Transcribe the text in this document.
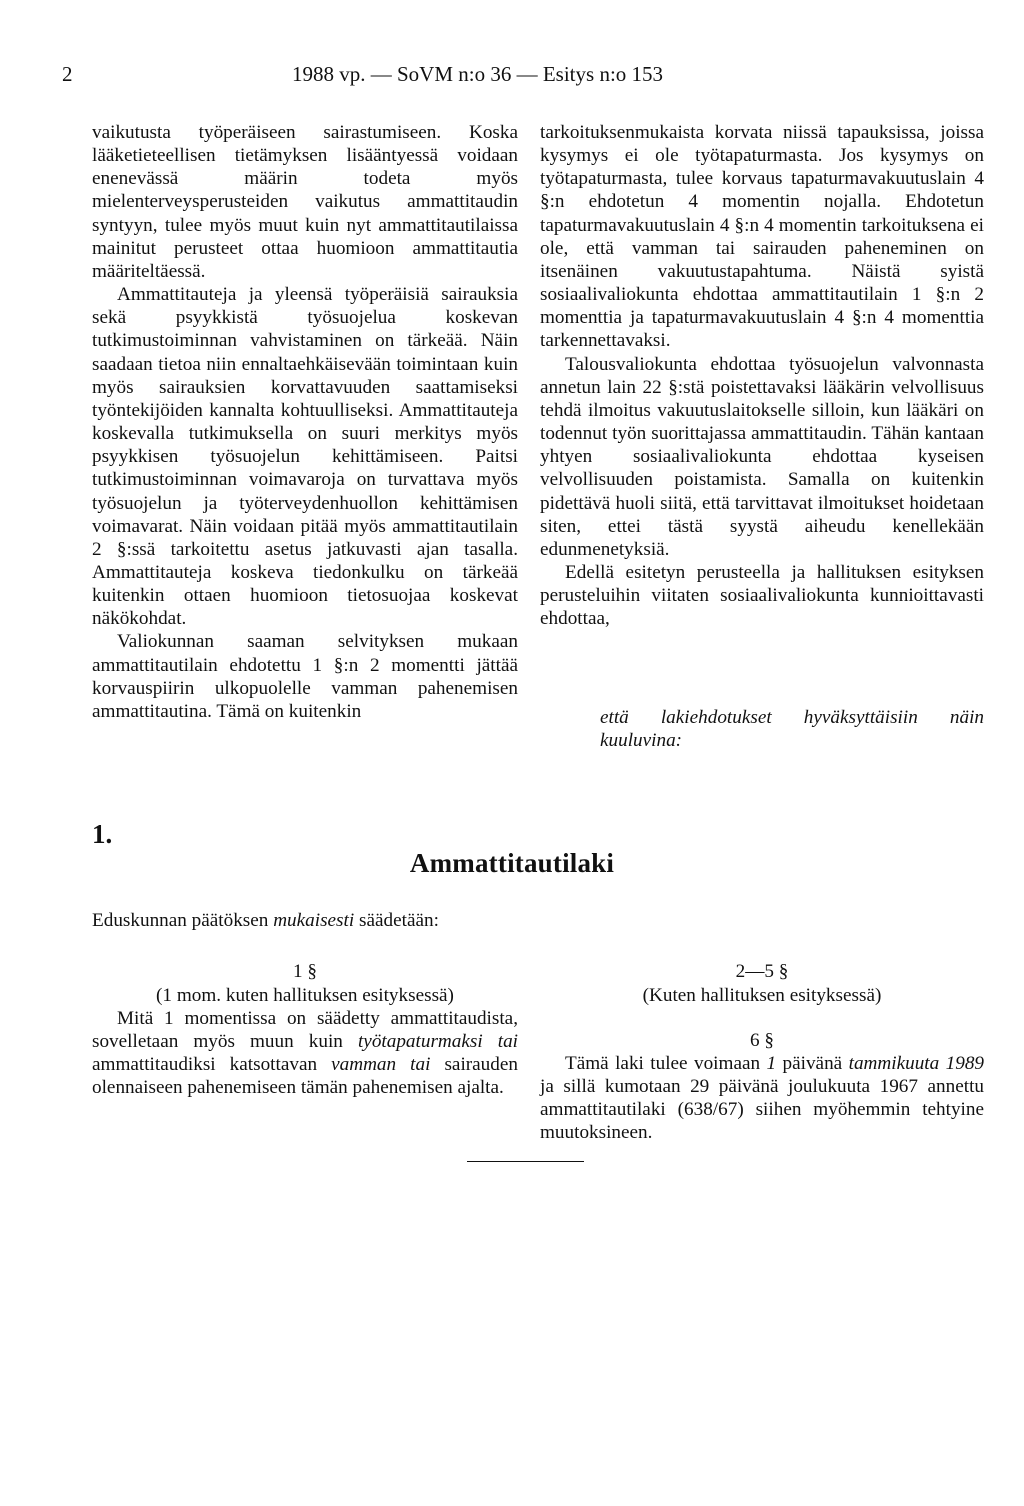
2	1988 vp. — SoVM n:o 36 — Esitys n:o 153

vaikutusta työperäiseen sairastumiseen. Koska lääketieteellisen tietämyksen lisääntyessä voidaan enenevässä määrin todeta myös mielenterveysperusteiden vaikutus ammattitaudin syntyyn, tulee myös muut kuin nyt ammattitautilaissa mainitut perusteet ottaa huomioon ammattitautia määriteltäessä.

Ammattitauteja ja yleensä työperäisiä sairauksia sekä psyykkistä työsuojelua koskevan tutkimustoiminnan vahvistaminen on tärkeää. Näin saadaan tietoa niin ennaltaehkäisevään toimintaan kuin myös sairauksien korvattavuuden saattamiseksi työntekijöiden kannalta kohtuulliseksi. Ammattitauteja koskevalla tutkimuksella on suuri merkitys myös psyykkisen työsuojelun kehittämiseen. Paitsi tutkimustoiminnan voimavaroja on turvattava myös työsuojelun ja työterveydenhuollon kehittämisen voimavarat. Näin voidaan pitää myös ammattitautilain 2 §:ssä tarkoitettu asetus jatkuvasti ajan tasalla. Ammattitauteja koskeva tiedonkulku on tärkeää kuitenkin ottaen huomioon tietosuojaa koskevat näkökohdat.

Valiokunnan saaman selvityksen mukaan ammattitautilain ehdotettu 1 §:n 2 momentti jättää korvauspiirin ulkopuolelle vamman pahenemisen ammattitautina. Tämä on kuitenkin

tarkoituksenmukaista korvata niissä tapauksissa, joissa kysymys ei ole työtapaturmasta. Jos kysymys on työtapaturmasta, tulee korvaus tapaturmavakuutuslain 4 §:n ehdotetun 4 momentin nojalla. Ehdotetun tapaturmavakuutuslain 4 §:n 4 momentin tarkoituksena ei ole, että vamman tai sairauden paheneminen on itsenäinen vakuutustapahtuma. Näistä syistä sosiaalivaliokunta ehdottaa ammattitautilain 1 §:n 2 momenttia ja tapaturmavakuutuslain 4 §:n 4 momenttia tarkennettavaksi.

Talousvaliokunta ehdottaa työsuojelun valvonnasta annetun lain 22 §:stä poistettavaksi lääkärin velvollisuus tehdä ilmoitus vakuutuslaitokselle silloin, kun lääkäri on todennut työn suorittajassa ammattitaudin. Tähän kantaan yhtyen sosiaalivaliokunta ehdottaa kyseisen velvollisuuden poistamista. Samalla on kuitenkin pidettävä huoli siitä, että tarvittavat ilmoitukset hoidetaan siten, ettei tästä syystä aiheudu kenellekään edunmenetyksiä.

Edellä esitetyn perusteella ja hallituksen esityksen perusteluihin viitaten sosiaalivaliokunta kunnioittavasti ehdottaa,

että lakiehdotukset hyväksyttäisiin näin kuuluvina:
1.
Ammattitautilaki
Eduskunnan päätöksen mukaisesti säädetään:
1 §
(1 mom. kuten hallituksen esityksessä)
Mitä 1 momentissa on säädetty ammattitaudista, sovelletaan myös muun kuin työtapaturmaksi tai ammattitaudiksi katsottavan vamman tai sairauden olennaiseen pahenemiseen tämän pahenemisen ajalta.
2—5 §
(Kuten hallituksen esityksessä)
6 §
Tämä laki tulee voimaan 1 päivänä tammikuuta 1989 ja sillä kumotaan 29 päivänä joulukuuta 1967 annettu ammattitautilaki (638/67) siihen myöhemmin tehtyine muutoksineen.
